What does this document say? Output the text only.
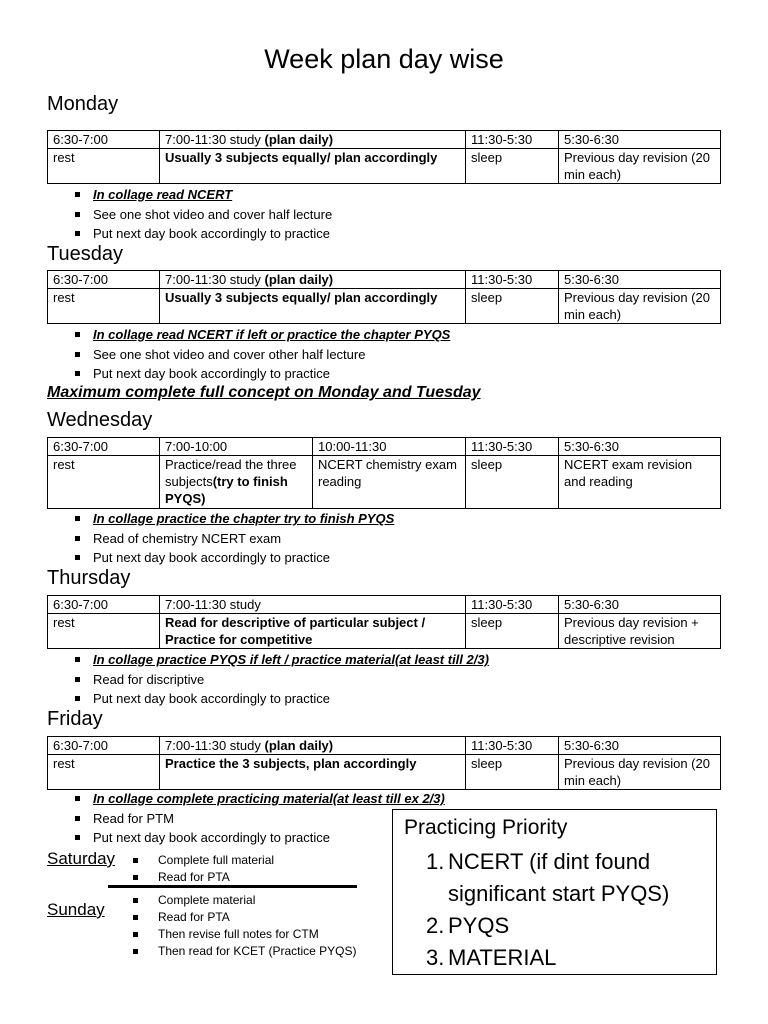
Week plan day wise
Monday
6:30-7:00	7:00-11:30 study (plan daily)	11:30-5:30	5:30-6:30
rest	Usually 3 subjects equally/ plan accordingly	sleep	Previous day revision (20 min each)
In collage read NCERT
See one shot video and cover half lecture
Put next day book accordingly to practice
Tuesday
6:30-7:00	7:00-11:30 study (plan daily)	11:30-5:30	5:30-6:30
rest	Usually 3 subjects equally/ plan accordingly	sleep	Previous day revision (20 min each)
In collage read NCERT if left or practice the chapter PYQS
See one shot video and cover other half lecture
Put next day book accordingly to practice
Maximum complete full concept on Monday and Tuesday
Wednesday
6:30-7:00	7:00-10:00	10:00-11:30	11:30-5:30	5:30-6:30
rest	Practice/read the three subjects(try to finish PYQS)	NCERT chemistry exam reading	sleep	NCERT exam revision and reading
In collage practice the chapter try to finish PYQS
Read of chemistry NCERT exam
Put next day book accordingly to practice
Thursday
6:30-7:00	7:00-11:30 study	11:30-5:30	5:30-6:30
rest	Read for descriptive of particular subject / Practice for competitive	sleep	Previous day revision + descriptive revision
In collage practice PYQS if left / practice material(at least till 2/3)
Read for discriptive
Put next day book accordingly to practice
Friday
6:30-7:00	7:00-11:30 study (plan daily)	11:30-5:30	5:30-6:30
rest	Practice the 3 subjects, plan accordingly	sleep	Previous day revision (20 min each)
In collage complete practicing material(at least till ex 2/3)
Read for PTM
Put next day book accordingly to practice
Saturday	Complete full material
Read for PTA
Sunday	Complete material
Read for PTA
Then revise full notes for CTM
Then read for KCET (Practice PYQS)
Practicing Priority
1. NCERT (if dint found significant start PYQS)
2. PYQS
3. MATERIAL
